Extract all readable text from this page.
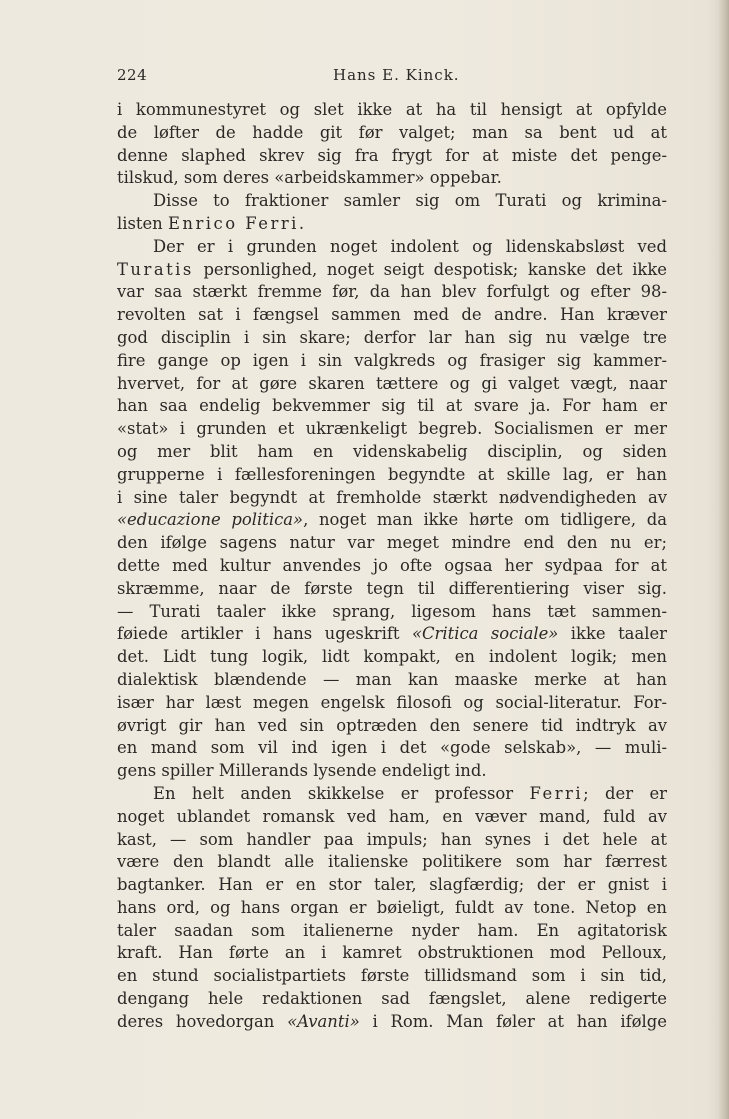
224	Hans E. Kinck.
i kommunestyret og slet ikke at ha til hensigt at opfylde
de løfter de hadde git før valget; man sa bent ud at
denne slaphed skrev sig fra frygt for at miste det penge-
tilskud, som deres «arbeidskammer» oppebar.
Disse to fraktioner samler sig om Turati og krimina-
listen Enrico Ferri.
Der er i grunden noget indolent og lidenskabsløst ved
Turatis personlighed, noget seigt despotisk; kanske det ikke
var saa stærkt fremme før, da han blev forfulgt og efter 98-
revolten sat i fængsel sammen med de andre. Han kræver
god disciplin i sin skare; derfor lar han sig nu vælge tre
fire gange op igen i sin valgkreds og frasiger sig kammer-
hvervet, for at gøre skaren tættere og gi valget vægt, naar
han saa endelig bekvemmer sig til at svare ja. For ham er
«stat» i grunden et ukrænkeligt begreb. Socialismen er mer
og mer blit ham en videnskabelig disciplin, og siden
grupperne i fællesforeningen begyndte at skille lag, er han
i sine taler begyndt at fremholde stærkt nødvendigheden av
«educazione politica», noget man ikke hørte om tidligere, da
den ifølge sagens natur var meget mindre end den nu er;
dette med kultur anvendes jo ofte ogsaa her sydpaa for at
skræmme, naar de første tegn til differentiering viser sig.
— Turati taaler ikke sprang, ligesom hans tæt sammen-
føiede artikler i hans ugeskrift «Critica sociale» ikke taaler
det. Lidt tung logik, lidt kompakt, en indolent logik; men
dialektisk blændende — man kan maaske merke at han
især har læst megen engelsk filosofi og social-literatur. For-
øvrigt gir han ved sin optræden den senere tid indtryk av
en mand som vil ind igen i det «gode selskab», — muli-
gens spiller Millerands lysende endeligt ind.
En helt anden skikkelse er professor Ferri; der er
noget ublandet romansk ved ham, en væver mand, fuld av
kast, — som handler paa impuls; han synes i det hele at
være den blandt alle italienske politikere som har færrest
bagtanker. Han er en stor taler, slagfærdig; der er gnist i
hans ord, og hans organ er bøieligt, fuldt av tone. Netop en
taler saadan som italienerne nyder ham. En agitatorisk
kraft. Han førte an i kamret obstruktionen mod Pelloux,
en stund socialistpartiets første tillidsmand som i sin tid,
dengang hele redaktionen sad fængslet, alene redigerte
deres hovedorgan «Avanti» i Rom. Man føler at han ifølge
